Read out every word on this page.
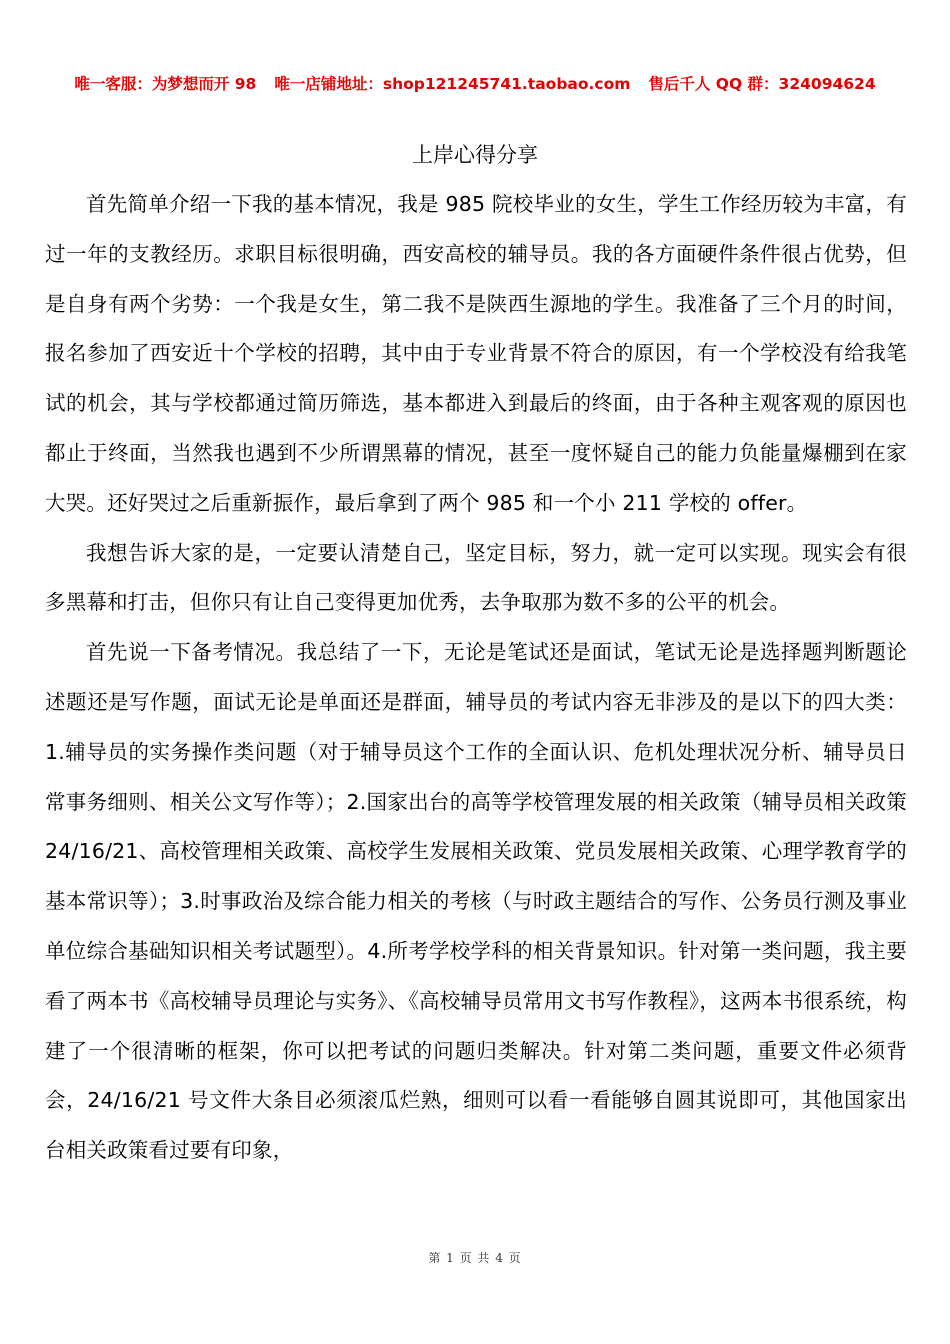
唯一客服：为梦想而开 98 唯一店铺地址：shop121245741.taobao.com 售后千人 QQ 群：324094624
上岸心得分享

首先简单介绍一下我的基本情况，我是 985 院校毕业的女生，学生工作经历较为丰富，有过一年的支教经历。求职目标很明确，西安高校的辅导员。我的各方面硬件条件很占优势，但是自身有两个劣势：一个我是女生，第二我不是陕西生源地的学生。我准备了三个月的时间，报名参加了西安近十个学校的招聘，其中由于专业背景不符合的原因，有一个学校没有给我笔试的机会，其与学校都通过简历筛选，基本都进入到最后的终面，由于各种主观客观的原因也都止于终面，当然我也遇到不少所谓黑幕的情况，甚至一度怀疑自己的能力负能量爆棚到在家大哭。还好哭过之后重新振作，最后拿到了两个 985 和一个小 211 学校的 offer。

我想告诉大家的是，一定要认清楚自己，坚定目标，努力，就一定可以实现。现实会有很多黑幕和打击，但你只有让自己变得更加优秀，去争取那为数不多的公平的机会。

首先说一下备考情况。我总结了一下，无论是笔试还是面试，笔试无论是选择题判断题论述题还是写作题，面试无论是单面还是群面，辅导员的考试内容无非涉及的是以下的四大类：1.辅导员的实务操作类问题（对于辅导员这个工作的全面认识、危机处理状况分析、辅导员日常事务细则、相关公文写作等）；2.国家出台的高等学校管理发展的相关政策（辅导员相关政策 24/16/21、高校管理相关政策、高校学生发展相关政策、党员发展相关政策、心理学教育学的基本常识等）；3.时事政治及综合能力相关的考核（与时政主题结合的写作、公务员行测及事业单位综合基础知识相关考试题型）。4.所考学校学科的相关背景知识。针对第一类问题，我主要看了两本书《高校辅导员理论与实务》、《高校辅导员常用文书写作教程》，这两本书很系统，构建了一个很清晰的框架，你可以把考试的问题归类解决。针对第二类问题，重要文件必须背会，24/16/21 号文件大条目必须滚瓜烂熟，细则可以看一看能够自圆其说即可，其他国家出台相关政策看过要有印象，

第 1 页 共 4 页
